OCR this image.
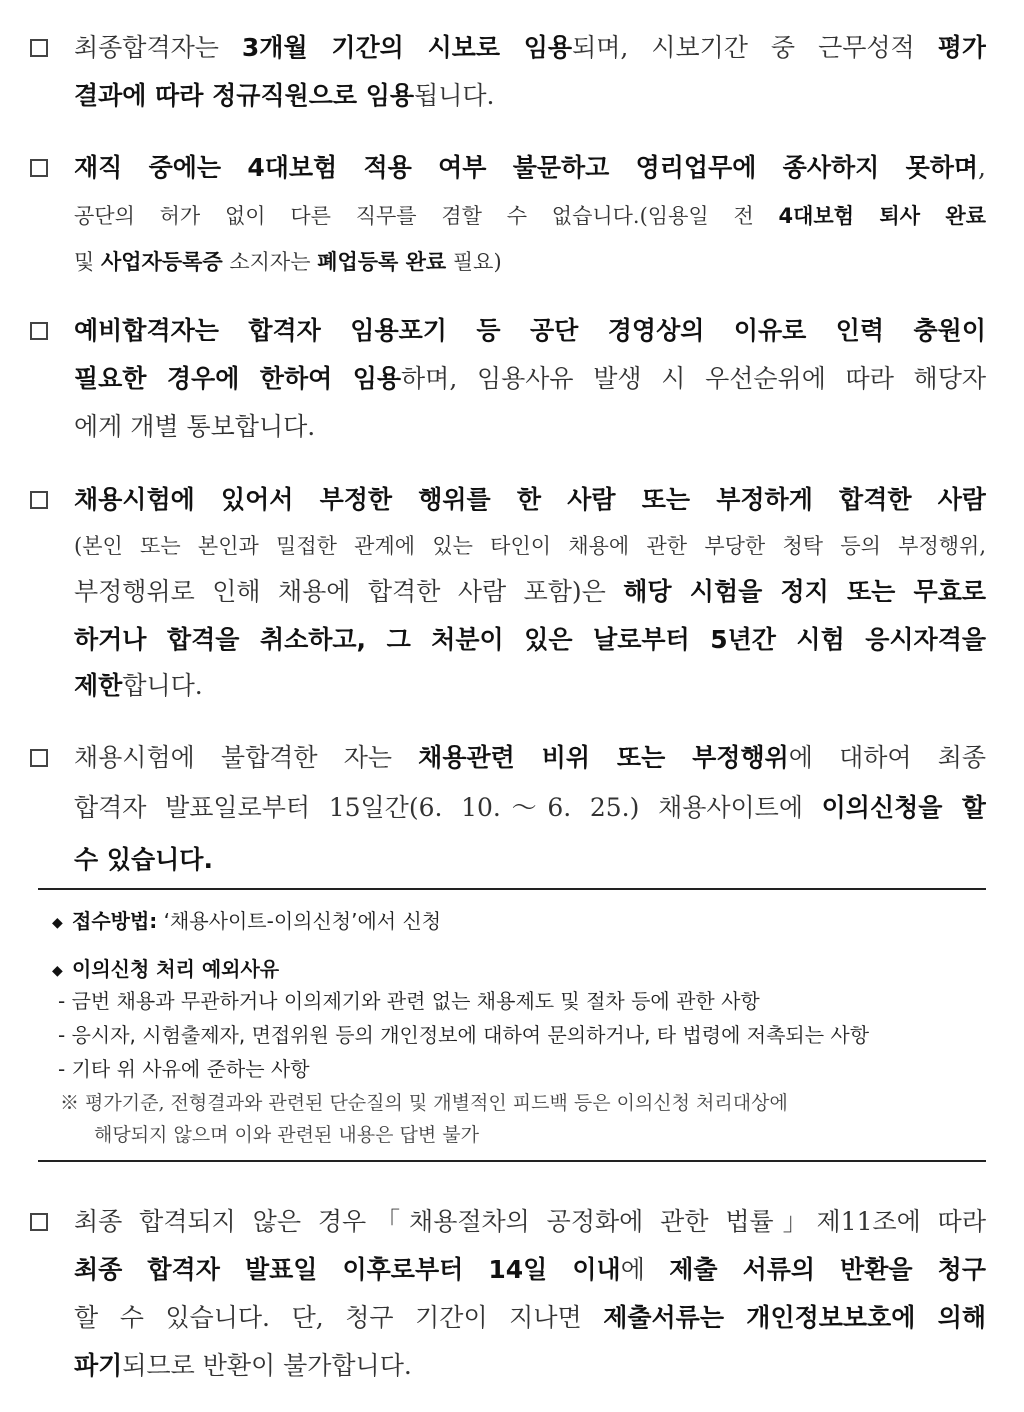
최종합격자는 3개월 기간의 시보로 임용되며, 시보기간 중 근무성적 평가
결과에 따라 정규직원으로 임용됩니다.
재직 중에는 4대보험 적용 여부 불문하고 영리업무에 종사하지 못하며,
공단의 허가 없이 다른 직무를 겸할 수 없습니다.(임용일 전 4대보험 퇴사 완료
및 사업자등록증 소지자는 폐업등록 완료 필요)
예비합격자는 합격자 임용포기 등 공단 경영상의 이유로 인력 충원이
필요한 경우에 한하여 임용하며, 임용사유 발생 시 우선순위에 따라 해당자
에게 개별 통보합니다.
채용시험에 있어서 부정한 행위를 한 사람 또는 부정하게 합격한 사람
(본인 또는 본인과 밀접한 관계에 있는 타인이 채용에 관한 부당한 청탁 등의 부정행위,
부정행위로 인해 채용에 합격한 사람 포함)은 해당 시험을 정지 또는 무효로
하거나 합격을 취소하고, 그 처분이 있은 날로부터 5년간 시험 응시자격을
제한합니다.
채용시험에 불합격한 자는 채용관련 비위 또는 부정행위에 대하여 최종
합격자 발표일로부터 15일간(6. 10.～6. 25.) 채용사이트에 이의신청을 할
수 있습니다.
◆ 접수방법: ‘채용사이트-이의신청’에서 신청
◆ 이의신청 처리 예외사유
- 금번 채용과 무관하거나 이의제기와 관련 없는 채용제도 및 절차 등에 관한 사항
- 응시자, 시험출제자, 면접위원 등의 개인정보에 대하여 문의하거나, 타 법령에 저촉되는 사항
- 기타 위 사유에 준하는 사항
※ 평가기준, 전형결과와 관련된 단순질의 및 개별적인 피드백 등은 이의신청 처리대상에
해당되지 않으며 이와 관련된 내용은 답변 불가
최종 합격되지 않은 경우「채용절차의 공정화에 관한 법률」제11조에 따라
최종 합격자 발표일 이후로부터 14일 이내에 제출 서류의 반환을 청구
할 수 있습니다. 단, 청구 기간이 지나면 제출서류는 개인정보보호에 의해
파기되므로 반환이 불가합니다.
